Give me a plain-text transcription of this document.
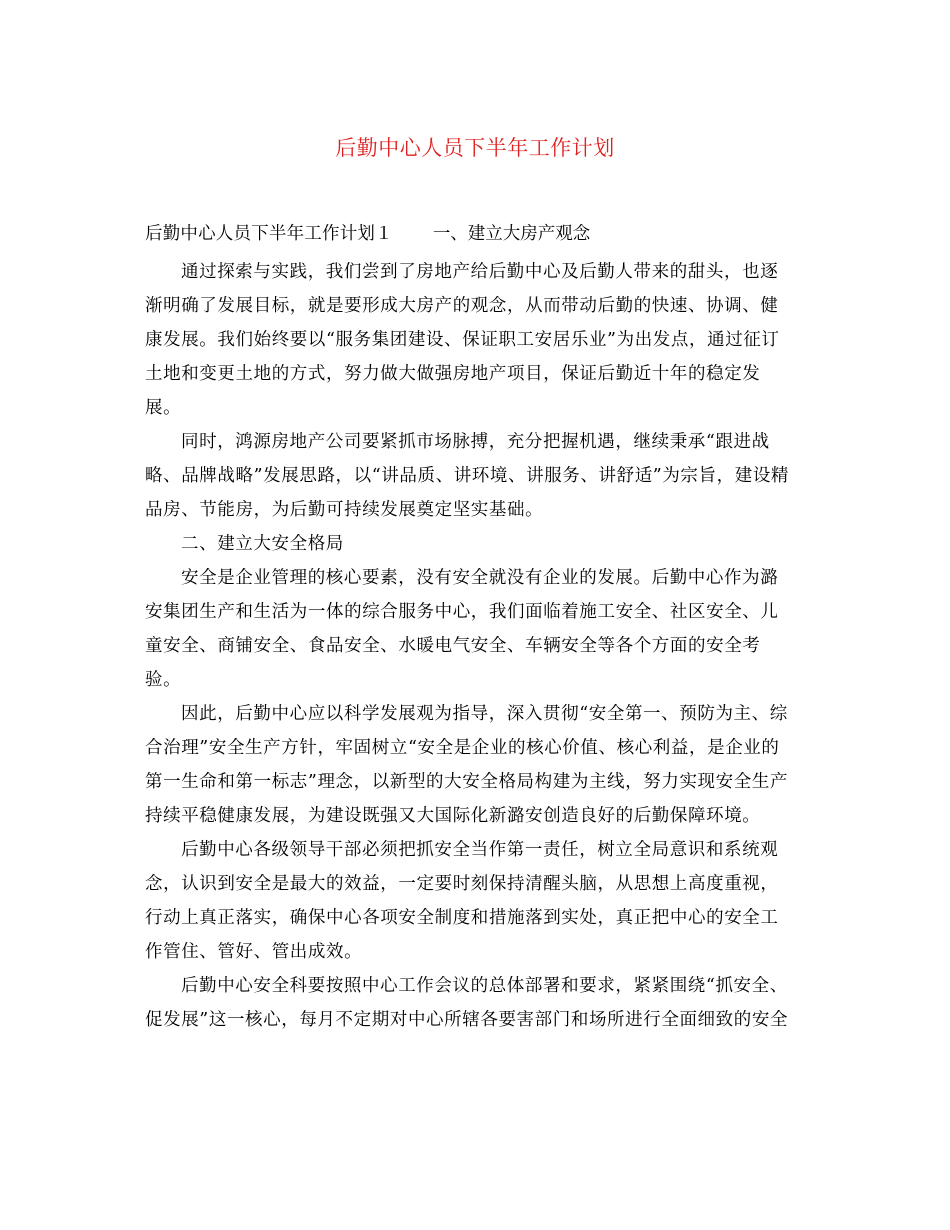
后勤中心人员下半年工作计划
后勤中心人员下半年工作计划１ 一、建立大房产观念
通过探索与实践，我们尝到了房地产给后勤中心及后勤人带来的甜头，也逐
渐明确了发展目标，就是要形成大房产的观念，从而带动后勤的快速、协调、健
康发展。我们始终要以“服务集团建设、保证职工安居乐业”为出发点，通过征订
土地和变更土地的方式，努力做大做强房地产项目，保证后勤近十年的稳定发
展。
同时，鸿源房地产公司要紧抓市场脉搏，充分把握机遇，继续秉承“跟进战
略、品牌战略”发展思路，以“讲品质、讲环境、讲服务、讲舒适”为宗旨，建设精
品房、节能房，为后勤可持续发展奠定坚实基础。
二、建立大安全格局
安全是企业管理的核心要素，没有安全就没有企业的发展。后勤中心作为潞
安集团生产和生活为一体的综合服务中心，我们面临着施工安全、社区安全、儿
童安全、商铺安全、食品安全、水暖电气安全、车辆安全等各个方面的安全考
验。
因此，后勤中心应以科学发展观为指导，深入贯彻“安全第一、预防为主、综
合治理”安全生产方针，牢固树立“安全是企业的核心价值、核心利益，是企业的
第一生命和第一标志”理念，以新型的大安全格局构建为主线，努力实现安全生产
持续平稳健康发展，为建设既强又大国际化新潞安创造良好的后勤保障环境。
后勤中心各级领导干部必须把抓安全当作第一责任，树立全局意识和系统观
念，认识到安全是最大的效益，一定要时刻保持清醒头脑，从思想上高度重视，
行动上真正落实，确保中心各项安全制度和措施落到实处，真正把中心的安全工
作管住、管好、管出成效。
后勤中心安全科要按照中心工作会议的总体部署和要求，紧紧围绕“抓安全、
促发展”这一核心，每月不定期对中心所辖各要害部门和场所进行全面细致的安全
